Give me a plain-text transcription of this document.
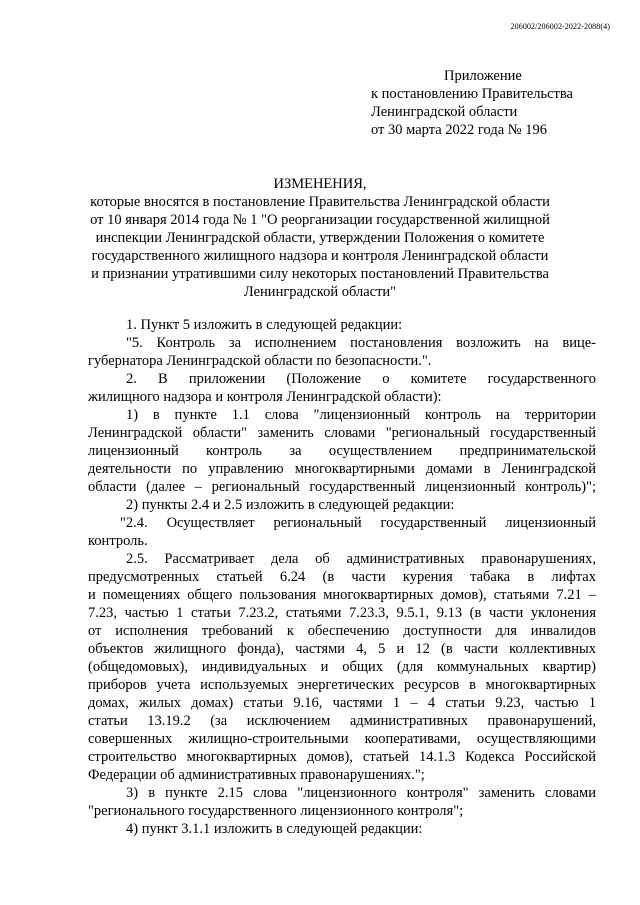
206002/206002-2022-2088(4)
Приложение
к постановлению Правительства
Ленинградской области
от 30 марта 2022 года № 196
ИЗМЕНЕНИЯ,
которые вносятся в постановление Правительства Ленинградской области
от 10 января 2014 года № 1 "О реорганизации государственной жилищной
инспекции Ленинградской области, утверждении Положения о комитете
государственного жилищного надзора и контроля Ленинградской области
и признании утратившими силу некоторых постановлений Правительства
Ленинградской области"
1. Пункт 5 изложить в следующей редакции:
"5. Контроль за исполнением постановления возложить на вице-
губернатора Ленинградской области по безопасности.".
2. В приложении (Положение о комитете государственного
жилищного надзора и контроля Ленинградской области):
1) в пункте 1.1 слова "лицензионный контроль на территории
Ленинградской области" заменить словами "региональный государственный
лицензионный контроль за осуществлением предпринимательской
деятельности по управлению многоквартирными домами в Ленинградской
области (далее – региональный государственный лицензионный контроль)";
2) пункты 2.4 и 2.5 изложить в следующей редакции:
"2.4. Осуществляет региональный государственный лицензионный
контроль.
2.5. Рассматривает дела об административных правонарушениях,
предусмотренных статьей 6.24 (в части курения табака в лифтах
и помещениях общего пользования многоквартирных домов), статьями 7.21 –
7.23, частью 1 статьи 7.23.2, статьями 7.23.3, 9.5.1, 9.13 (в части уклонения
от исполнения требований к обеспечению доступности для инвалидов
объектов жилищного фонда), частями 4, 5 и 12 (в части коллективных
(общедомовых), индивидуальных и общих (для коммунальных квартир)
приборов учета используемых энергетических ресурсов в многоквартирных
домах, жилых домах) статьи 9.16, частями 1 – 4 статьи 9.23, частью 1
статьи 13.19.2 (за исключением административных правонарушений,
совершенных жилищно-строительными кооперативами, осуществляющими
строительство многоквартирных домов), статьей 14.1.3 Кодекса Российской
Федерации об административных правонарушениях.";
3) в пункте 2.15 слова "лицензионного контроля" заменить словами
"регионального государственного лицензионного контроля";
4) пункт 3.1.1 изложить в следующей редакции:
·
